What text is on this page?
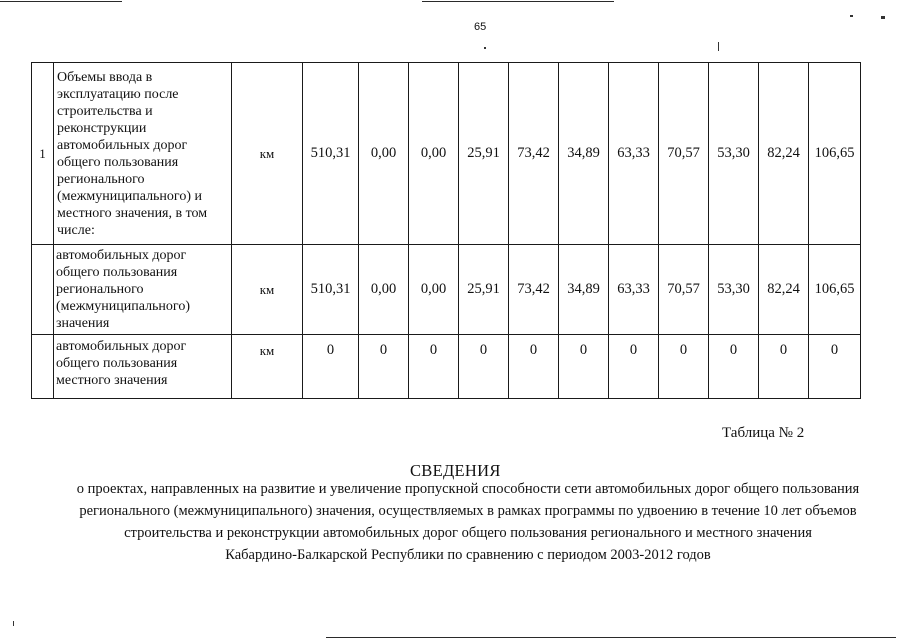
65
1	Объемы ввода в эксплуатацию после строительства и реконструкции автомобильных дорог общего пользования регионального (межмуниципального) и местного значения, в том числе:	км	510,31	0,00	0,00	25,91	73,42	34,89	63,33	70,57	53,30	82,24	106,65
	автомобильных дорог общего пользования регионального (межмуниципального) значения	км	510,31	0,00	0,00	25,91	73,42	34,89	63,33	70,57	53,30	82,24	106,65
	автомобильных дорог общего пользования местного значения	км	0	0	0	0	0	0	0	0	0	0	0
Таблица № 2
СВЕДЕНИЯ
о проектах, направленных на развитие и увеличение пропускной способности сети автомобильных дорог общего пользования
регионального (межмуниципального) значения, осуществляемых в рамках программы по удвоению в течение 10 лет объемов
строительства и реконструкции автомобильных дорог общего пользования регионального и местного значения
Кабардино-Балкарской Республики по сравнению с периодом 2003-2012 годов
